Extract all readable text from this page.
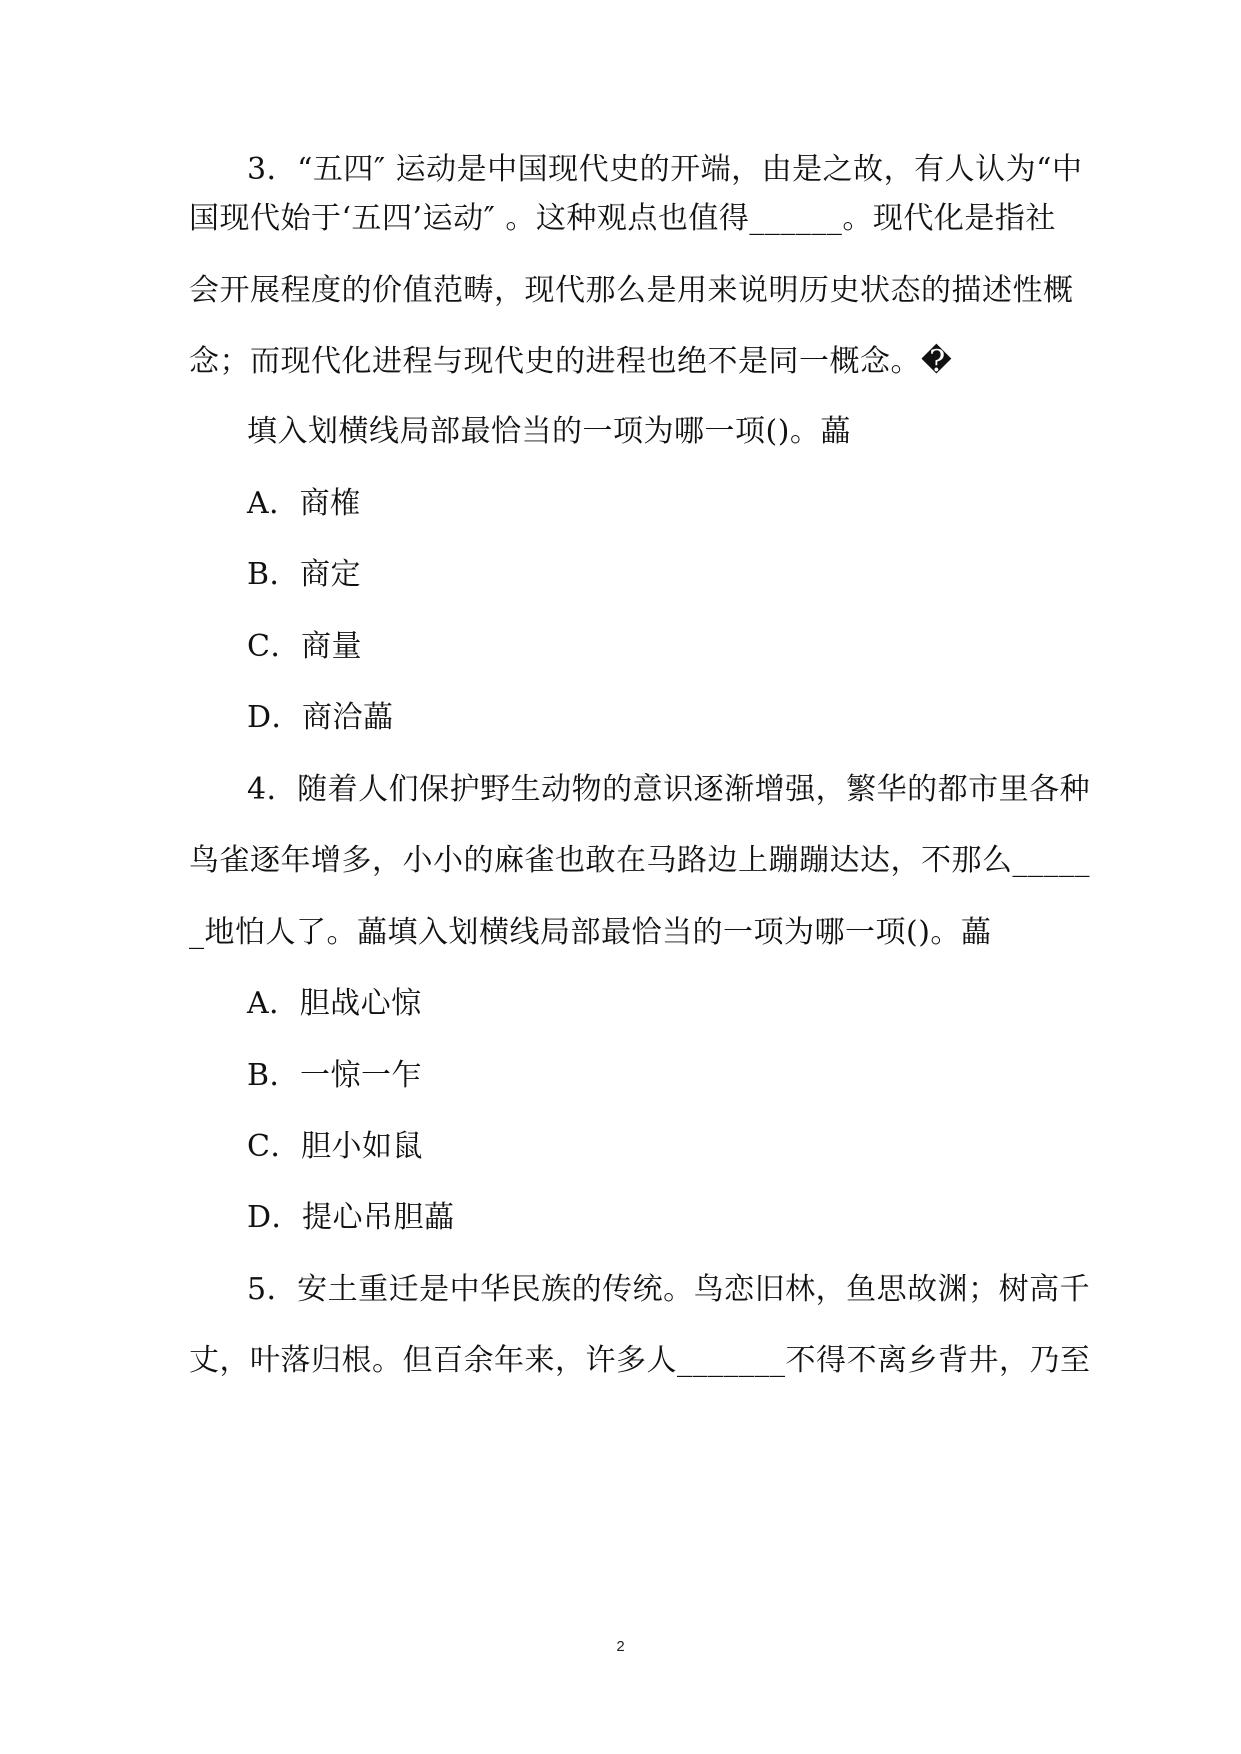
3．“五四″ 运动是中国现代史的开端，由是之故，有人认为“中
国现代始于‘五四’运动″ 。这种观点也值得______。现代化是指社
会开展程度的价值范畴，现代那么是用来说明历史状态的描述性概
念；而现代化进程与现代史的进程也绝不是同一概念。�
填入划横线局部最恰当的一项为哪一项()。藟
A．商榷
B．商定
C．商量
D．商洽藟
4．随着人们保护野生动物的意识逐渐增强，繁华的都市里各种
鸟雀逐年增多，小小的麻雀也敢在马路边上蹦蹦达达，不那么_____
_地怕人了。藟填入划横线局部最恰当的一项为哪一项()。藟
A．胆战心惊
B．一惊一乍
C．胆小如鼠
D．提心吊胆藟
5．安土重迁是中华民族的传统。鸟恋旧林，鱼思故渊；树高千
丈，叶落归根。但百余年来，许多人_______不得不离乡背井，乃至
2
